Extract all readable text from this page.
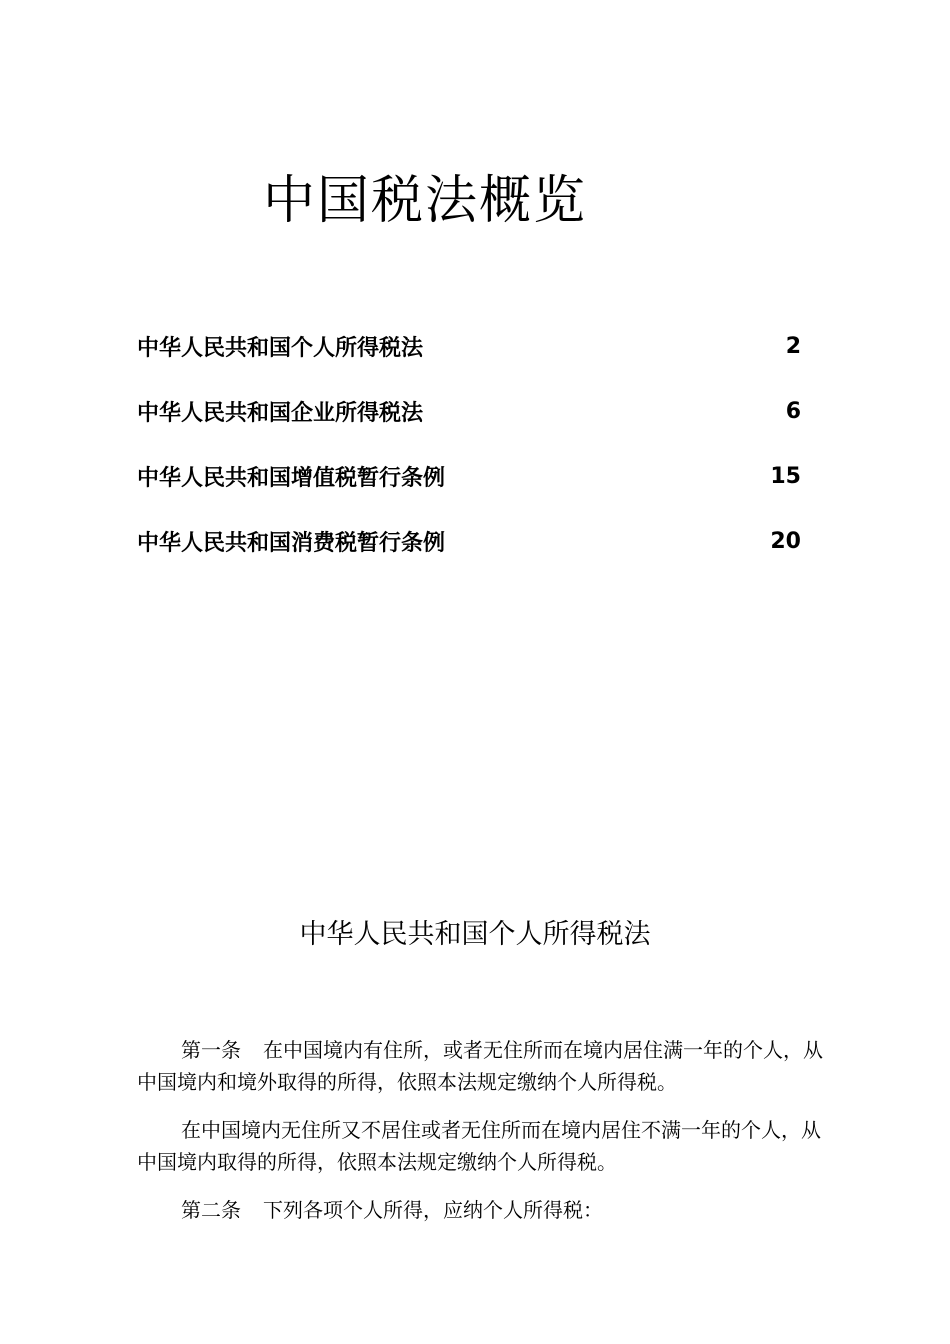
中国税法概览
中华人民共和国个人所得税法	2
中华人民共和国企业所得税法	6
中华人民共和国增值税暂行条例	15
中华人民共和国消费税暂行条例	20
中华人民共和国个人所得税法

第一条 在中国境内有住所，或者无住所而在境内居住满一年的个人，从中国境内和境外取得的所得，依照本法规定缴纳个人所得税。

在中国境内无住所又不居住或者无住所而在境内居住不满一年的个人，从中国境内取得的所得，依照本法规定缴纳个人所得税。

第二条 下列各项个人所得，应纳个人所得税：
